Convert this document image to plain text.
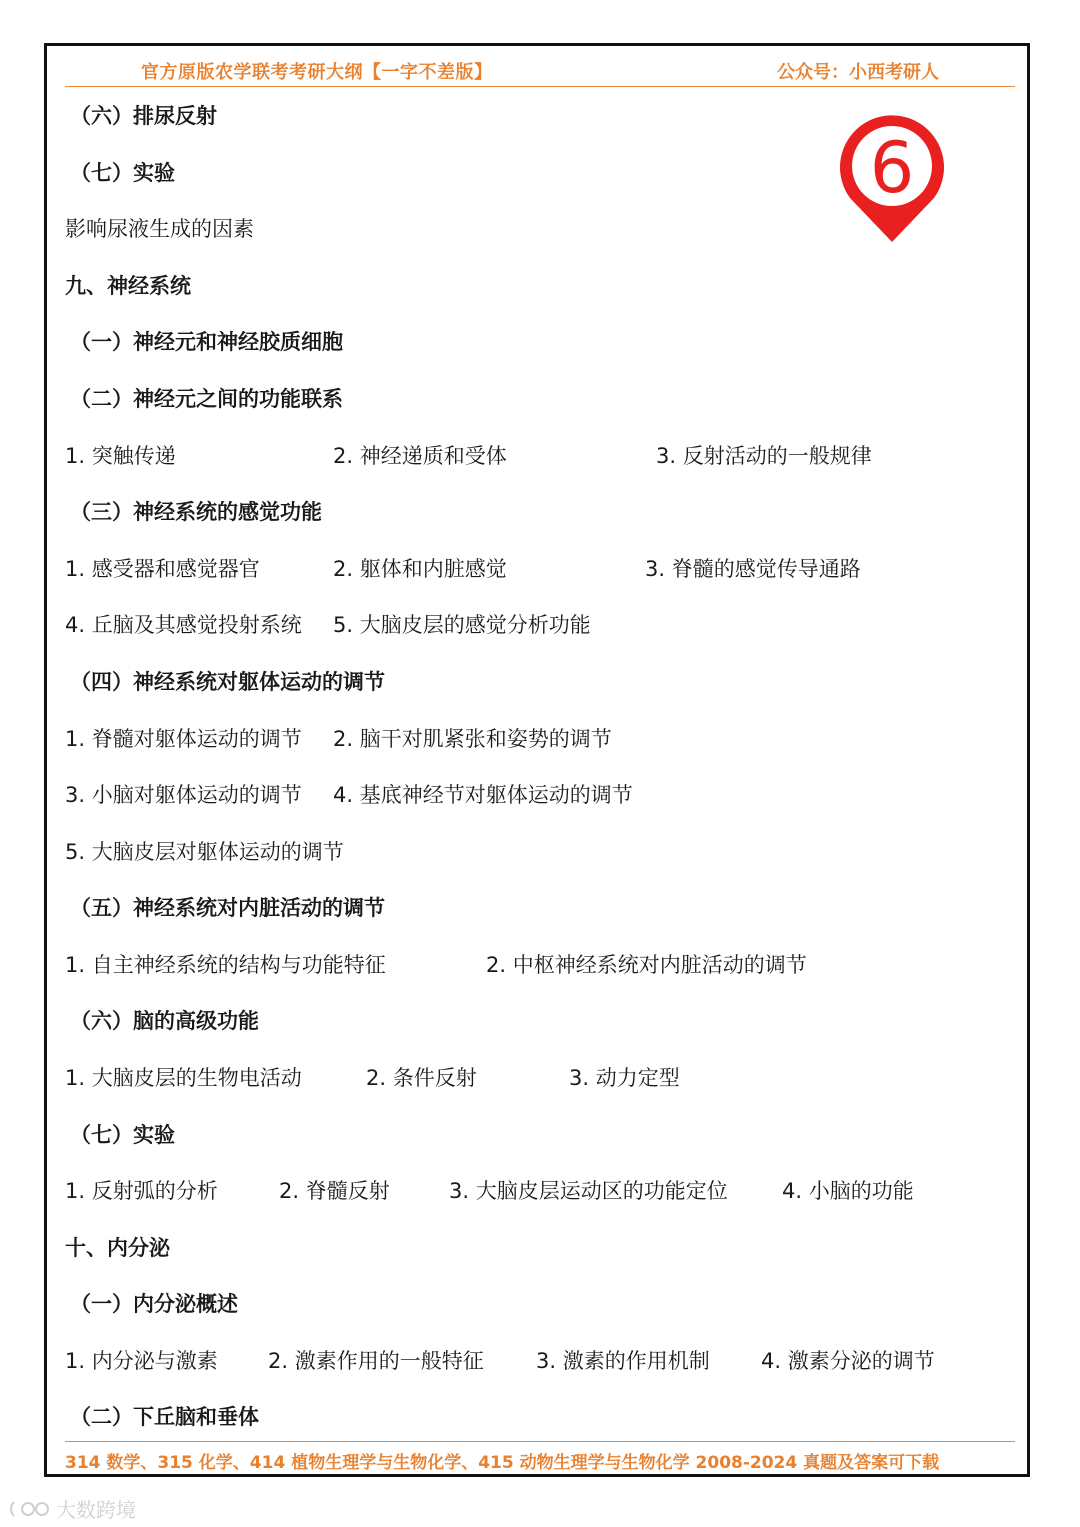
官方原版农学联考考研大纲【一字不差版】	公众号：小西考研人
6
（六）排尿反射
（七）实验
影响尿液生成的因素
九、神经系统
（一）神经元和神经胶质细胞
（二）神经元之间的功能联系
1. 突触传递	2. 神经递质和受体	3. 反射活动的一般规律
（三）神经系统的感觉功能
1. 感受器和感觉器官	2. 躯体和内脏感觉	3. 脊髓的感觉传导通路
4. 丘脑及其感觉投射系统 5. 大脑皮层的感觉分析功能
（四）神经系统对躯体运动的调节
1. 脊髓对躯体运动的调节 2. 脑干对肌紧张和姿势的调节
3. 小脑对躯体运动的调节 4. 基底神经节对躯体运动的调节
5. 大脑皮层对躯体运动的调节
（五）神经系统对内脏活动的调节
1. 自主神经系统的结构与功能特征	2. 中枢神经系统对内脏活动的调节
（六）脑的高级功能
1. 大脑皮层的生物电活动	2. 条件反射	3. 动力定型
（七）实验
1. 反射弧的分析	2. 脊髓反射	3. 大脑皮层运动区的功能定位	4. 小脑的功能
十、内分泌
（一）内分泌概述
1. 内分泌与激素 2. 激素作用的一般特征 3. 激素的作用机制 4. 激素分泌的调节
（二）下丘脑和垂体
314 数学、315 化学、414 植物生理学与生物化学、415 动物生理学与生物化学 2008-2024 真题及答案可下载
大数跨境
